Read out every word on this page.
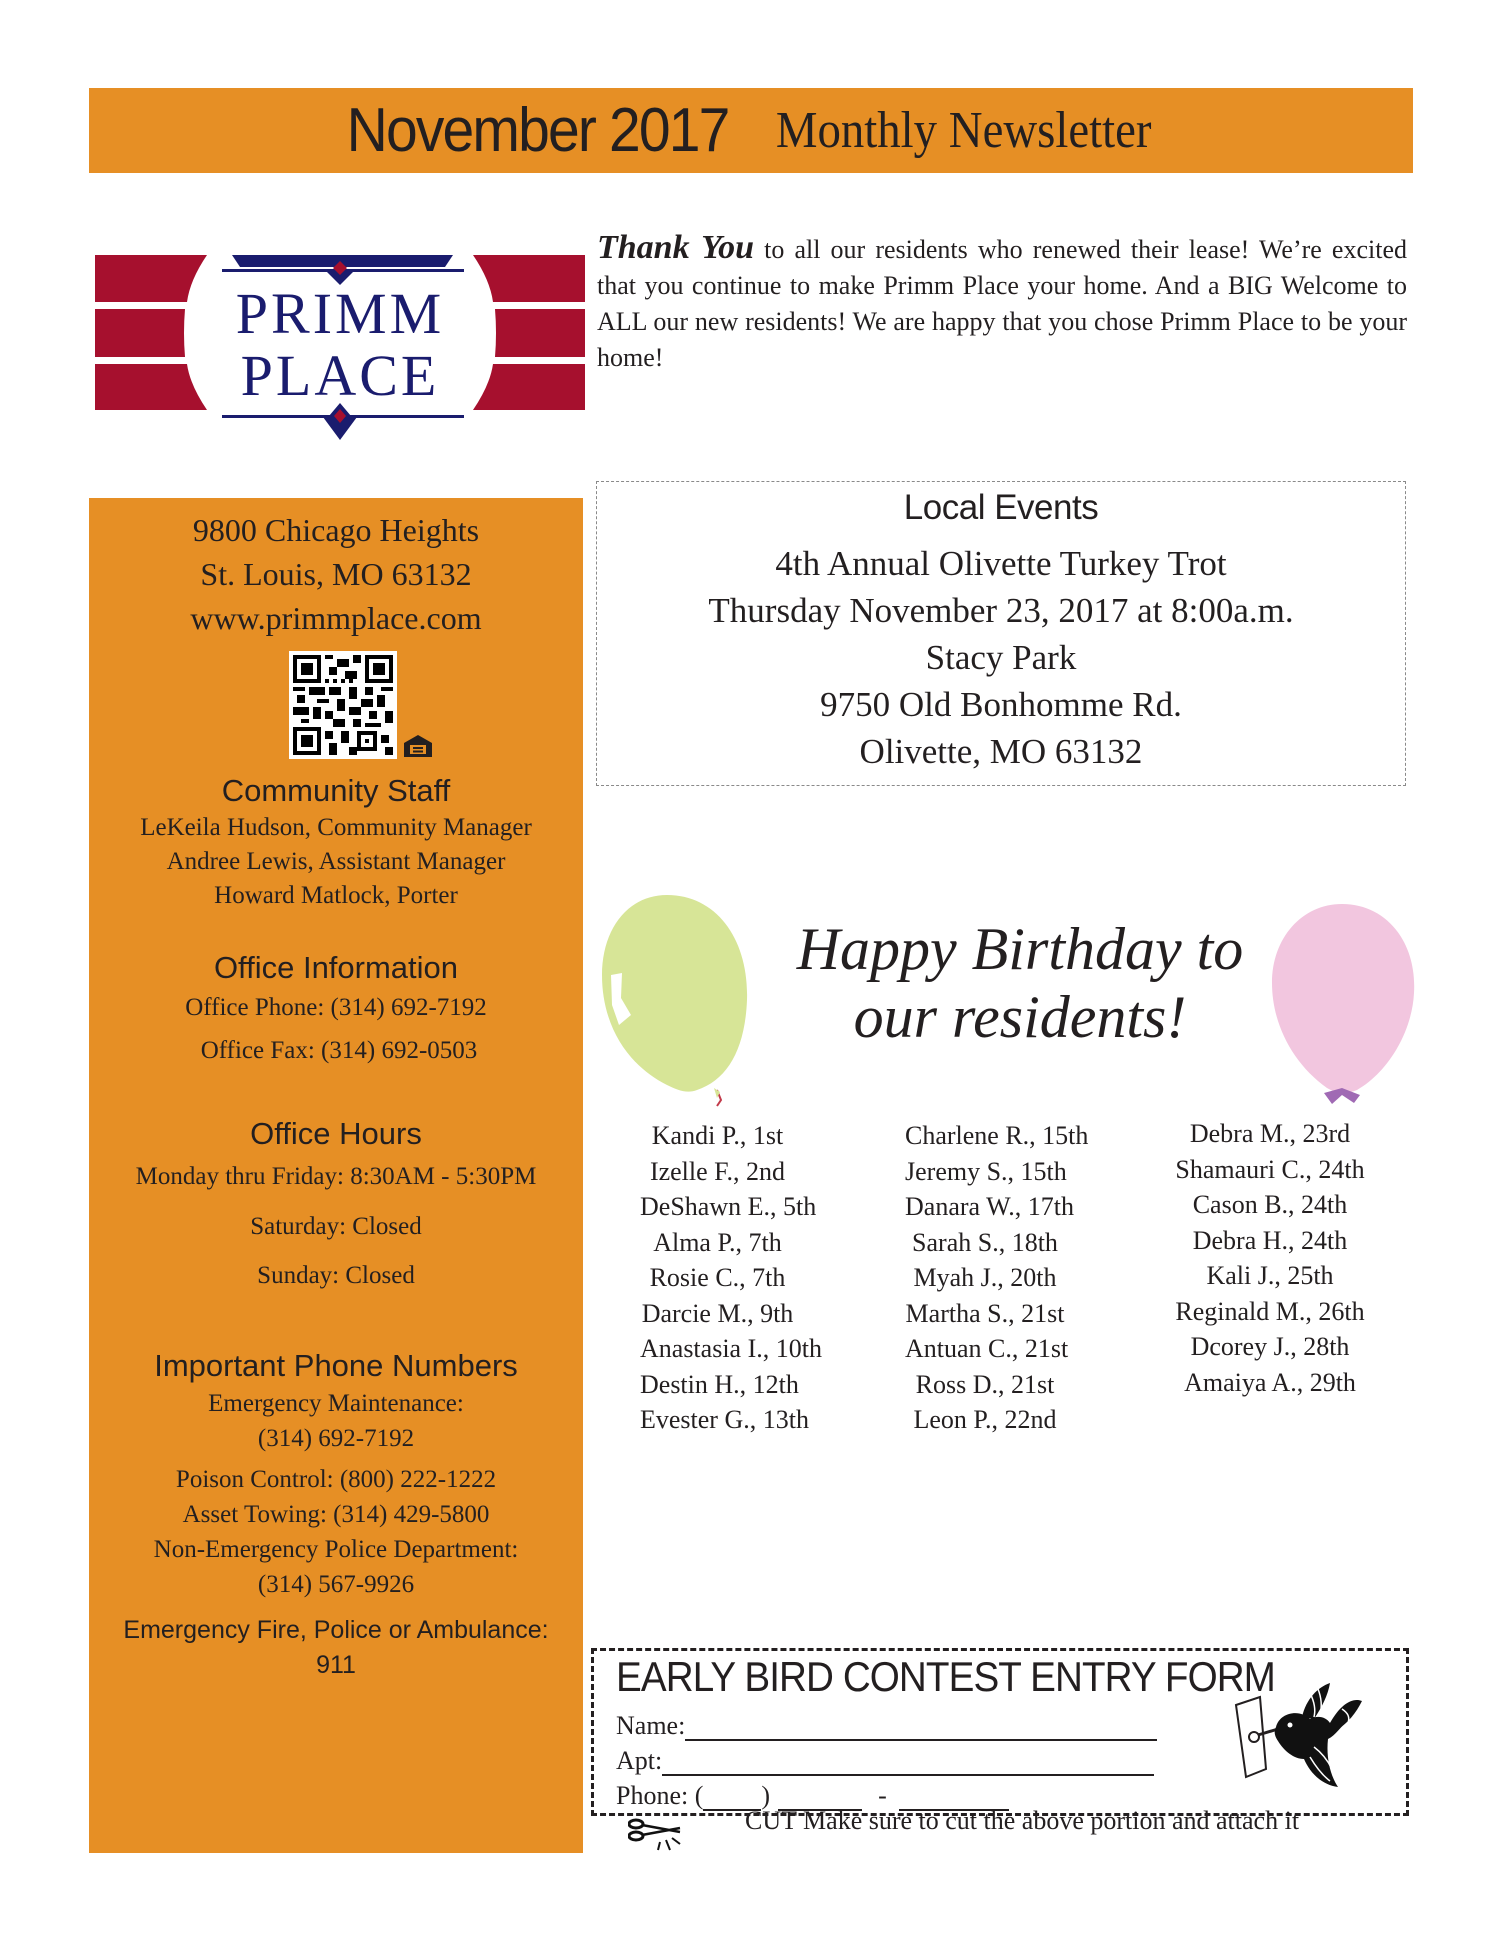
November 2017 Monthly Newsletter
PRIMM
PLACE

Thank You to all our residents who renewed their lease! We’re excited that you continue to make Primm Place your home. And a BIG Welcome to ALL our new residents! We are happy that you chose Primm Place to be your home!

9800 Chicago Heights
St. Louis, MO 63132
www.primmplace.com
Community Staff
LeKeila Hudson, Community Manager
Andree Lewis, Assistant Manager
Howard Matlock, Porter
Office Information
Office Phone: (314) 692-7192
Office Fax: (314) 692-0503
Office Hours
Monday thru Friday: 8:30AM - 5:30PM
Saturday: Closed
Sunday: Closed
Important Phone Numbers
Emergency Maintenance:
(314) 692-7192
Poison Control: (800) 222-1222
Asset Towing: (314) 429-5800
Non-Emergency Police Department:
(314) 567-9926
Emergency Fire, Police or Ambulance:
911
Local Events
4th Annual Olivette Turkey Trot
Thursday November 23, 2017 at 8:00a.m.
Stacy Park
9750 Old Bonhomme Rd.
Olivette, MO 63132
Happy Birthday to
our residents!
Kandi P., 1st
Izelle F., 2nd
DeShawn E., 5th
Alma P., 7th
Rosie C., 7th
Darcie M., 9th
Anastasia I., 10th
Destin H., 12th
Evester G., 13th
Charlene R., 15th
Jeremy S., 15th
Danara W., 17th
Sarah S., 18th
Myah J., 20th
Martha S., 21st
Antuan C., 21st
Ross D., 21st
Leon P., 22nd
Debra M., 23rd
Shamauri C., 24th
Cason B., 24th
Debra H., 24th
Kali J., 25th
Reginald M., 26th
Dcorey J., 28th
Amaiya A., 29th
EARLY BIRD CONTEST ENTRY FORM
Name:
Apt:
Phone: ( )	-
CUT Make sure to cut the above portion and attach it
